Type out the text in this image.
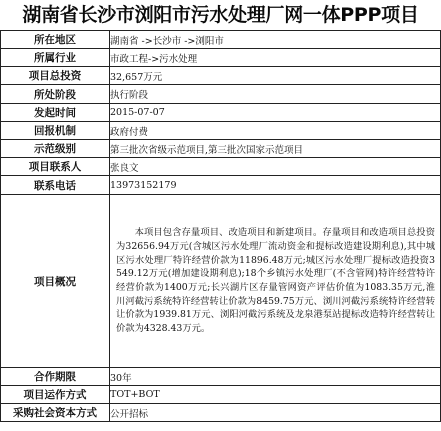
湖南省长沙市浏阳市污水处理厂网一体PPP项目
所在地区	湖南省 ->长沙市 ->浏阳市
所属行业	市政工程->污水处理
项目总投资	32,657万元
所处阶段	执行阶段
发起时间	2015-07-07
回报机制	政府付费
示范级别	第三批次省级示范项目,第三批次国家示范项目
项目联系人	张良文
联系电话	13973152179
项目概况	本项目包含存量项目、改造项目和新建项目。存量项目和改造项目总投资为32656.94万元(含城区污水处理厂流动资金和提标改造建设期利息),其中城区污水处理厂特许经营价款为11896.48万元;城区污水处理厂提标改造投资3549.12万元(增加建设期利息);18个乡镇污水处理厂(不含管网)特许经营特许经营价款为1400万元;长兴湖片区存量管网资产评估价值为1083.35万元,淮川河截污系统特许经营转让价款为8459.75万元、浏川河截污系统特许经营转让价款为1939.81万元、浏阳河截污系统及龙泉港泵站提标改造特许经营转让价款为4328.43万元。

合作期限	30年
项目运作方式	TOT+BOT
采购社会资本方式	公开招标
